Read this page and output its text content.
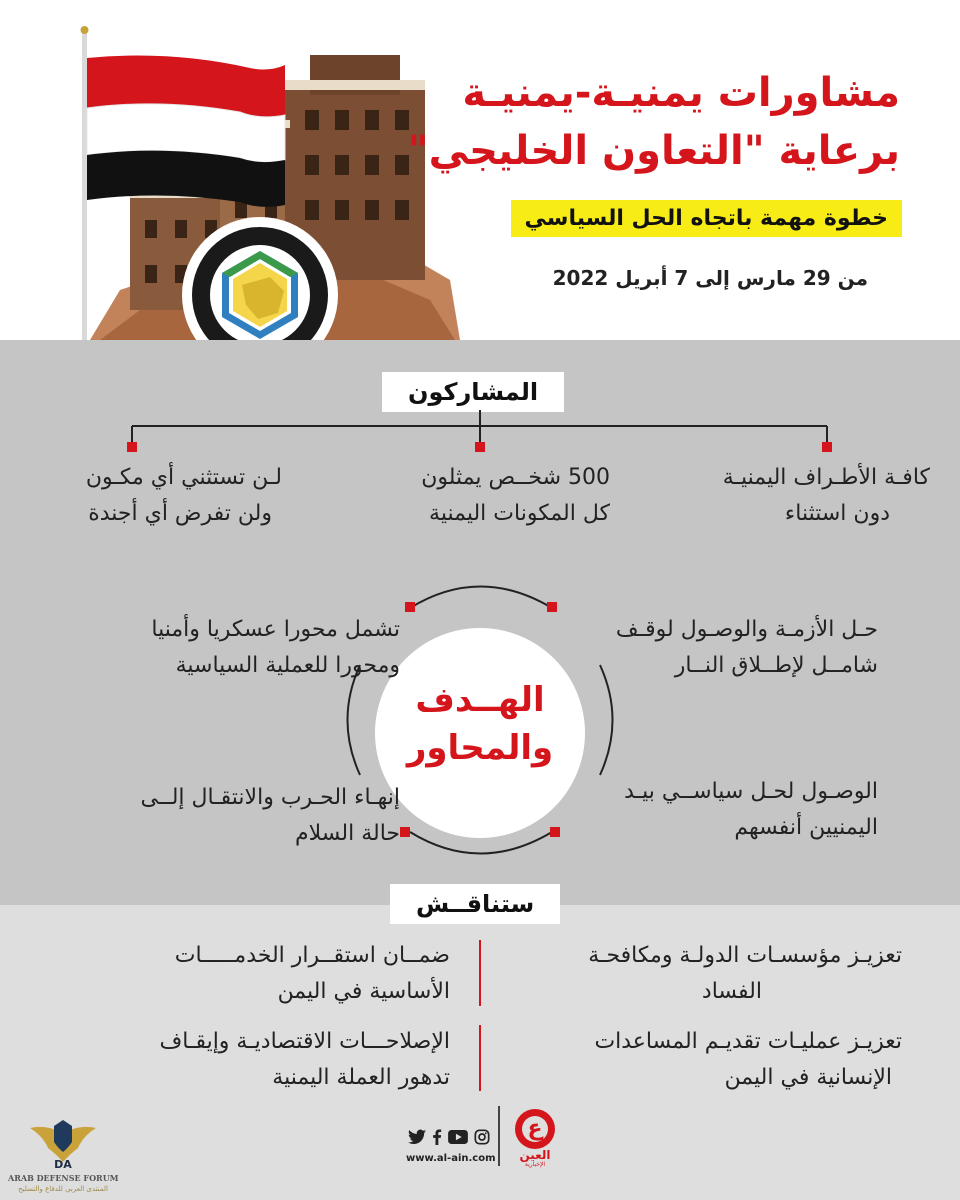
مشاورات يمنيـة-يمنيـة
برعاية "التعاون الخليجي"
خطوة مهمة باتجاه الحل السياسي
من 29 مارس إلى 7 أبريل 2022
المشاركون
كافـة الأطـراف اليمنيـة
دون استثناء
500 شخــص يمثلون
كل المكونات اليمنية
لـن تستثني أي مكـون
ولن تفرض أي أجندة
الهــدف
والمحاور
حـل الأزمـة والوصـول لوقـف
شامــل لإطــلاق النــار
تشمل محورا عسكريا وأمنيا
ومحورا للعملية السياسية
الوصـول لحـل سياســي بيـد
اليمنيين أنفسهم
إنهـاء الحـرب والانتقـال إلــى
حالة السلام
ستناقــش
تعزيـز مؤسسـات الدولـة ومكافحـة
الفساد
ضمــان استقــرار الخدمـــــات
الأساسية في اليمن
تعزيـز عمليـات تقديـم المساعدات
الإنسانية في اليمن
الإصلاحـــات الاقتصاديـة وإيقـاف
تدهور العملة اليمنية
www.al-ain.com
ع
العين
الإخبارية
DA
ARAB DEFENSE FORUM
المنتدى العربي للدفاع والتسليح
